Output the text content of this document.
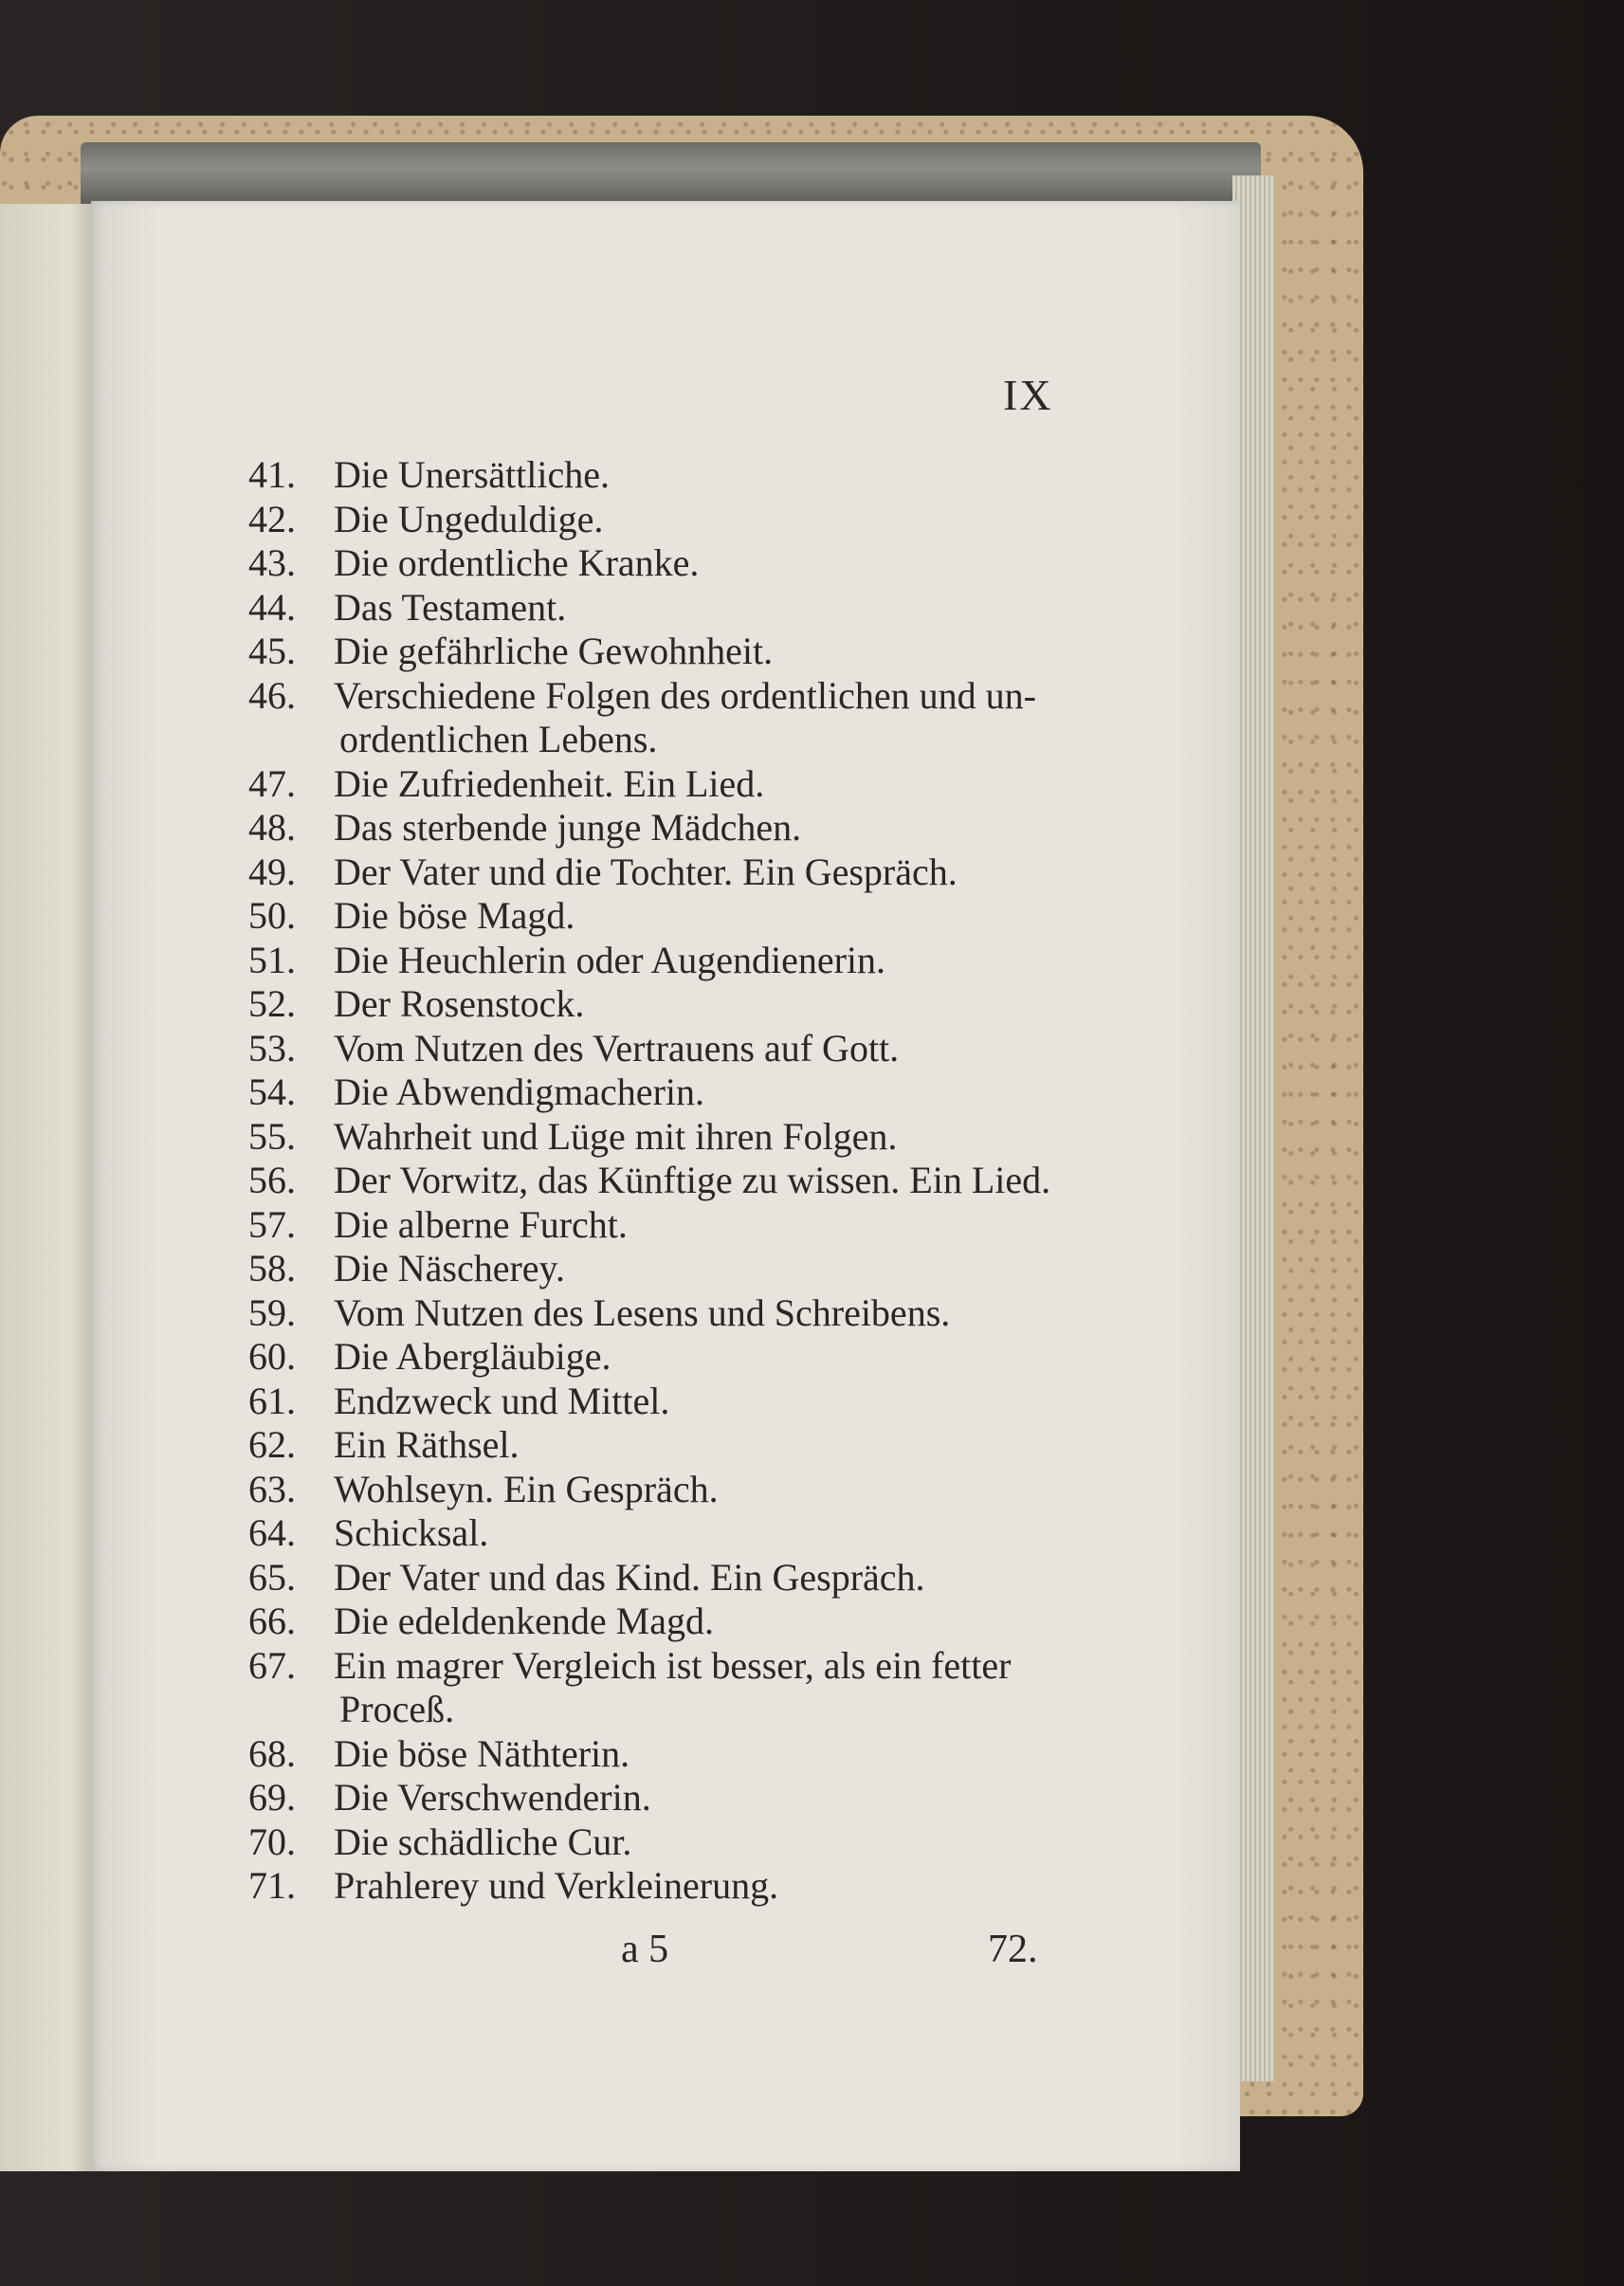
IX
41.	Die Unersättliche.
42.	Die Ungeduldige.
43.	Die ordentliche Kranke.
44.	Das Testament.
45.	Die gefährliche Gewohnheit.
46.	Verschiedene Folgen des ordentlichen und un-
ordentlichen Lebens.
47.	Die Zufriedenheit. Ein Lied.
48.	Das sterbende junge Mädchen.
49.	Der Vater und die Tochter. Ein Gespräch.
50.	Die böse Magd.
51.	Die Heuchlerin oder Augendienerin.
52.	Der Rosenstock.
53.	Vom Nutzen des Vertrauens auf Gott.
54.	Die Abwendigmacherin.
55.	Wahrheit und Lüge mit ihren Folgen.
56.	Der Vorwitz, das Künftige zu wissen. Ein Lied.
57.	Die alberne Furcht.
58.	Die Näscherey.
59.	Vom Nutzen des Lesens und Schreibens.
60.	Die Abergläubige.
61.	Endzweck und Mittel.
62.	Ein Räthsel.
63.	Wohlseyn. Ein Gespräch.
64.	Schicksal.
65.	Der Vater und das Kind. Ein Gespräch.
66.	Die edeldenkende Magd.
67.	Ein magrer Vergleich ist besser, als ein fetter
Proceß.
68.	Die böse Näthterin.
69.	Die Verschwenderin.
70.	Die schädliche Cur.
71.	Prahlerey und Verkleinerung.
a 5	72.
